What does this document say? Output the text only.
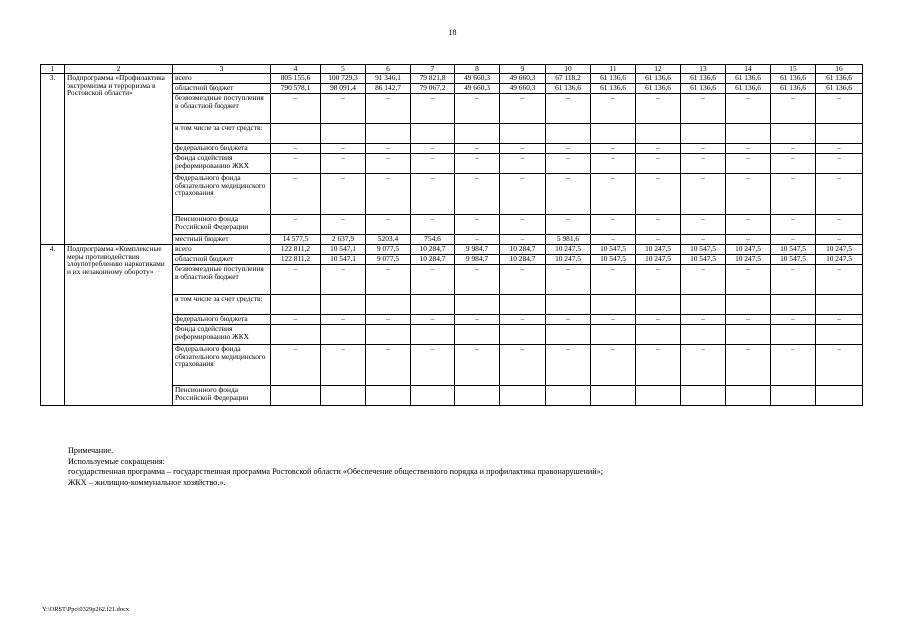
18
1	2	3	4	5	6	7	8	9	10	11	12	13	14	15	16
3.	Подпрограмма «Профилактика экстремизма и терроризма в Ростовской области»	всего	805 155,6	100 729,3	91 346,1	79 821,8	49 660,3	49 660,3	67 118,2	61 136,6	61 136,6	61 136,6	61 136,6	61 136,6	61 136,6
		областной бюджет	790 578,1	98 091,4	86 142,7	79 067,2	49 660,3	49 660,3	61 136,6	61 136,6	61 136,6	61 136,6	61 136,6	61 136,6	61 136,6
		безвозмездные поступления в областной бюджет	–	–	–	–	–	–	–	–	–	–	–	–	–
		в том числе за счет средств:													
		федерального бюджета	–	–	–	–	–	–	–	–	–	–	–	–	–
		Фонда содействия реформированию ЖКХ	–	–	–	–	–	–	–	–	–	–	–	–	–
		Федерального фонда обязательного медицинского страхования	–	–	–	–	–	–	–	–	–	–	–	–	–
		Пенсионного фонда Российской Федерации	–	–	–	–	–	–	–	–	–	–	–	–	–
		местный бюджет	14 577,5	2 637,9	5203,4	754,6	–	–	5 981,6	–	–	–	–	–	–
4.	Подпрограмма «Комплексные меры противодействия злоупотреблению наркотиками и их незаконному обороту»	всего	122 811,2	10 547,1	9 077,5	10 284,7	9 984,7	10 284,7	10 247,5	10 547,5	10 247,5	10 547,5	10 247,5	10 547,5	10 247,5
		областной бюджет	122 811,2	10 547,1	9 077,5	10 284,7	9 984,7	10 284,7	10 247,5	10 547,5	10 247,5	10 547,5	10 247,5	10 547,5	10 247,5
		безвозмездные поступления в областной бюджет	–	–	–	–	–	–	–	–	–	–	–	–	–
		в том числе за счет средств:													
		федерального бюджета	–	–	–	–	–	–	–	–	–	–	–	–	–
		Фонда содействия реформированию ЖКХ													
		Федерального фонда обязательного медицинского страхования	–	–	–	–	–	–	–	–	–	–	–	–	–
		Пенсионного фонда Российской Федерации													
Примечание.
Используемые сокращения:
государственная программа – государственная программа Ростовской области «Обеспечение общественного порядка и профилактика правонарушений»;
ЖКХ – жилищно-коммунальное хозяйство.».
Y:\ORST\Ppo\0329p262.f21.docx
